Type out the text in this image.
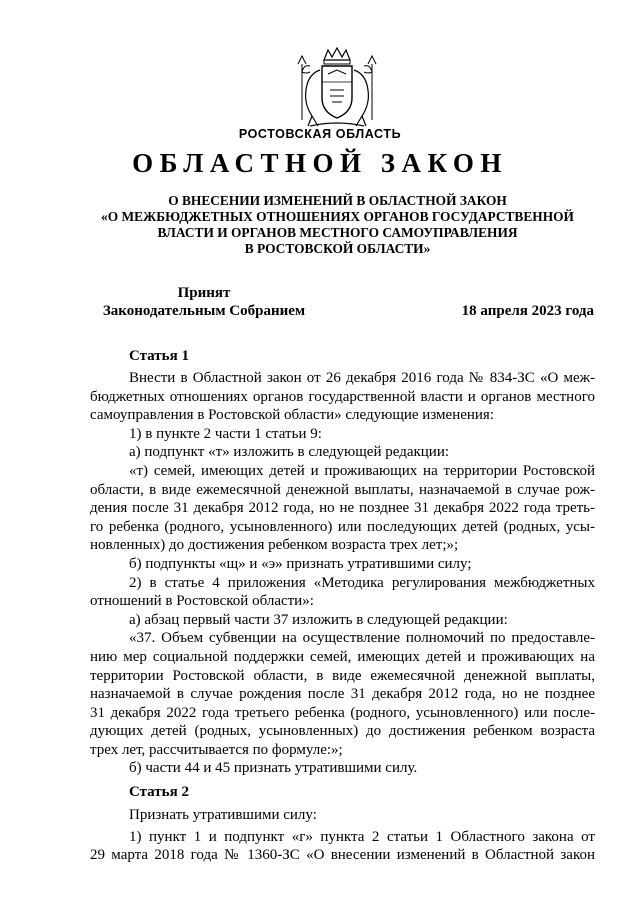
РОСТОВСКАЯ ОБЛАСТЬ
ОБЛАСТНОЙ ЗАКОН
О ВНЕСЕНИИ ИЗМЕНЕНИЙ В ОБЛАСТНОЙ ЗАКОН
«О МЕЖБЮДЖЕТНЫХ ОТНОШЕНИЯХ ОРГАНОВ ГОСУДАРСТВЕННОЙ
ВЛАСТИ И ОРГАНОВ МЕСТНОГО САМОУПРАВЛЕНИЯ
В РОСТОВСКОЙ ОБЛАСТИ»
Принят
Законодательным Собранием	18 апреля 2023 года
Статья 1
Внести в Областной закон от 26 декабря 2016 года № 834-ЗС «О меж-
бюджетных отношениях органов государственной власти и органов местного
самоуправления в Ростовской области» следующие изменения:
1) в пункте 2 части 1 статьи 9:
а) подпункт «т» изложить в следующей редакции:
«т) семей, имеющих детей и проживающих на территории Ростовской
области, в виде ежемесячной денежной выплаты, назначаемой в случае рож-
дения после 31 декабря 2012 года, но не позднее 31 декабря 2022 года треть-
го ребенка (родного, усыновленного) или последующих детей (родных, усы-
новленных) до достижения ребенком возраста трех лет;»;
б) подпункты «щ» и «э» признать утратившими силу;
2) в статье 4 приложения «Методика регулирования межбюджетных
отношений в Ростовской области»:
а) абзац первый части 37 изложить в следующей редакции:
«37. Объем субвенции на осуществление полномочий по предоставле-
нию мер социальной поддержки семей, имеющих детей и проживающих на
территории Ростовской области, в виде ежемесячной денежной выплаты,
назначаемой в случае рождения после 31 декабря 2012 года, но не позднее
31 декабря 2022 года третьего ребенка (родного, усыновленного) или после-
дующих детей (родных, усыновленных) до достижения ребенком возраста
трех лет, рассчитывается по формуле:»;
б) части 44 и 45 признать утратившими силу.
Статья 2
Признать утратившими силу:
1) пункт 1 и подпункт «г» пункта 2 статьи 1 Областного закона от
29 марта 2018 года № 1360-ЗС «О внесении изменений в Областной закон
